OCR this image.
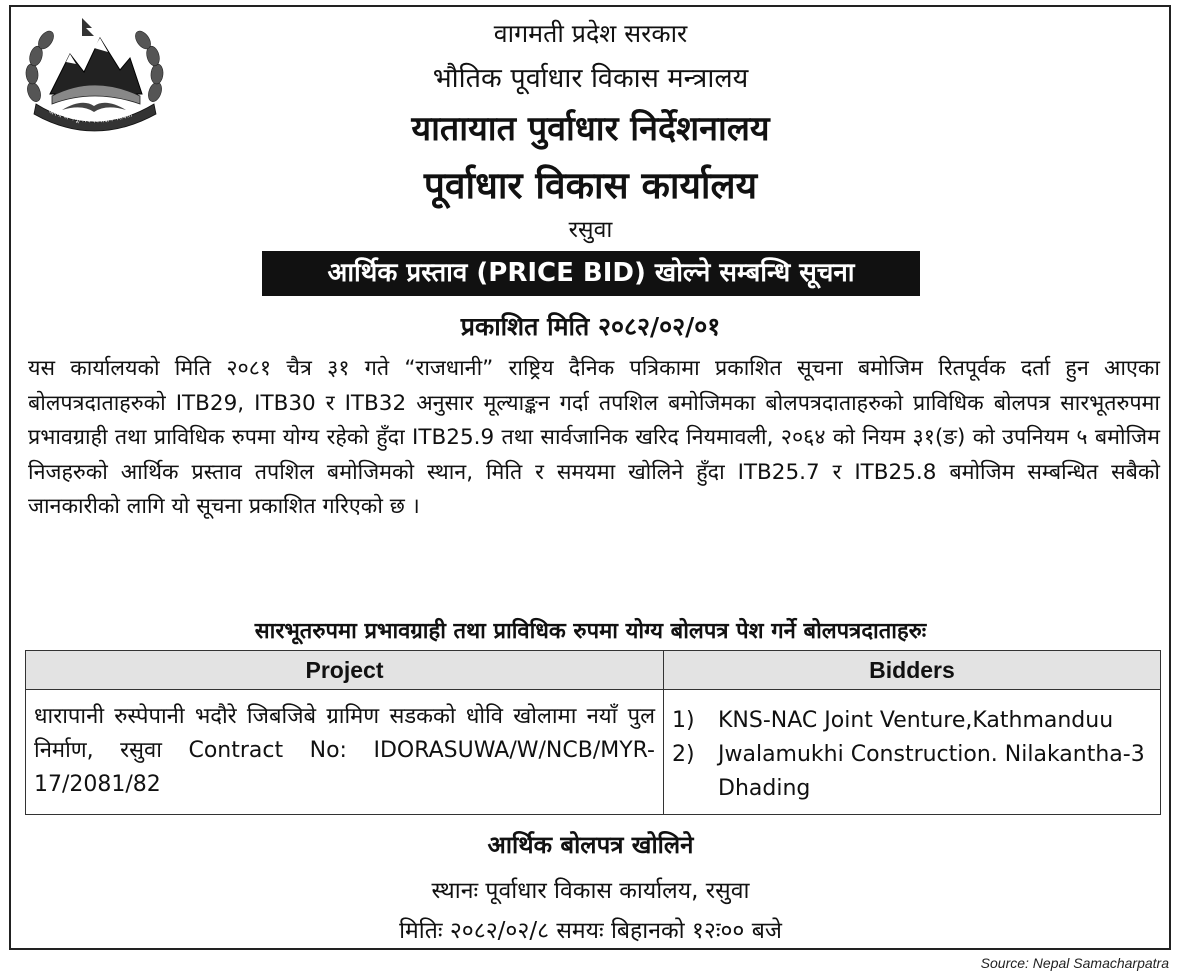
जननी जन्मभूमिश्च स्वर्गादपि गरीयसी
वागमती प्रदेश सरकार
भौतिक पूर्वाधार विकास मन्त्रालय
यातायात पुर्वाधार निर्देशनालय
पूर्वाधार विकास कार्यालय
रसुवा
आर्थिक प्रस्ताव (PRICE BID) खोल्ने सम्बन्धि सूचना
प्रकाशित मिति २०८२/०२/०१
यस कार्यालयको मिति २०८१ चैत्र ३१ गते “राजधानी” राष्ट्रिय दैनिक पत्रिकामा प्रकाशित सूचना बमोजिम रितपूर्वक दर्ता हुन आएका बोलपत्रदाताहरुको ITB29, ITB30 र ITB32 अनुसार मूल्याङ्कन गर्दा तपशिल बमोजिमका बोलपत्रदाताहरुको प्राविधिक बोलपत्र सारभूतरुपमा प्रभावग्राही तथा प्राविधिक रुपमा योग्य रहेको हुँदा ITB25.9 तथा सार्वजानिक खरिद नियमावली, २०६४ को नियम ३१(ङ) को उपनियम ५ बमोजिम निजहरुको आर्थिक प्रस्ताव तपशिल बमोजिमको स्थान, मिति र समयमा खोलिने हुँदा ITB25.7 र ITB25.8 बमोजिम सम्बन्धित सबैको जानकारीको लागि यो सूचना प्रकाशित गरिएको छ ।
सारभूतरुपमा प्रभावग्राही तथा प्राविधिक रुपमा योग्य बोलपत्र पेश गर्ने बोलपत्रदाताहरुः
Project	Bidders
धारापानी रुस्पेपानी भदौरे जिबजिबे ग्रामिण सडकको धोवि खोलामा नयाँ पुल निर्माण, रसुवा Contract No: IDORASUWA/W/NCB/MYR-17/2081/82	1) KNS-NAC Joint Venture,Kathmanduu
2) Jwalamukhi Construction. Nilakantha-3 Dhading
आर्थिक बोलपत्र खोलिने
स्थानः पूर्वाधार विकास कार्यालय, रसुवा
मितिः २०८२/०२/८ समयः बिहानको १२ः०० बजे
Source: Nepal Samacharpatra
